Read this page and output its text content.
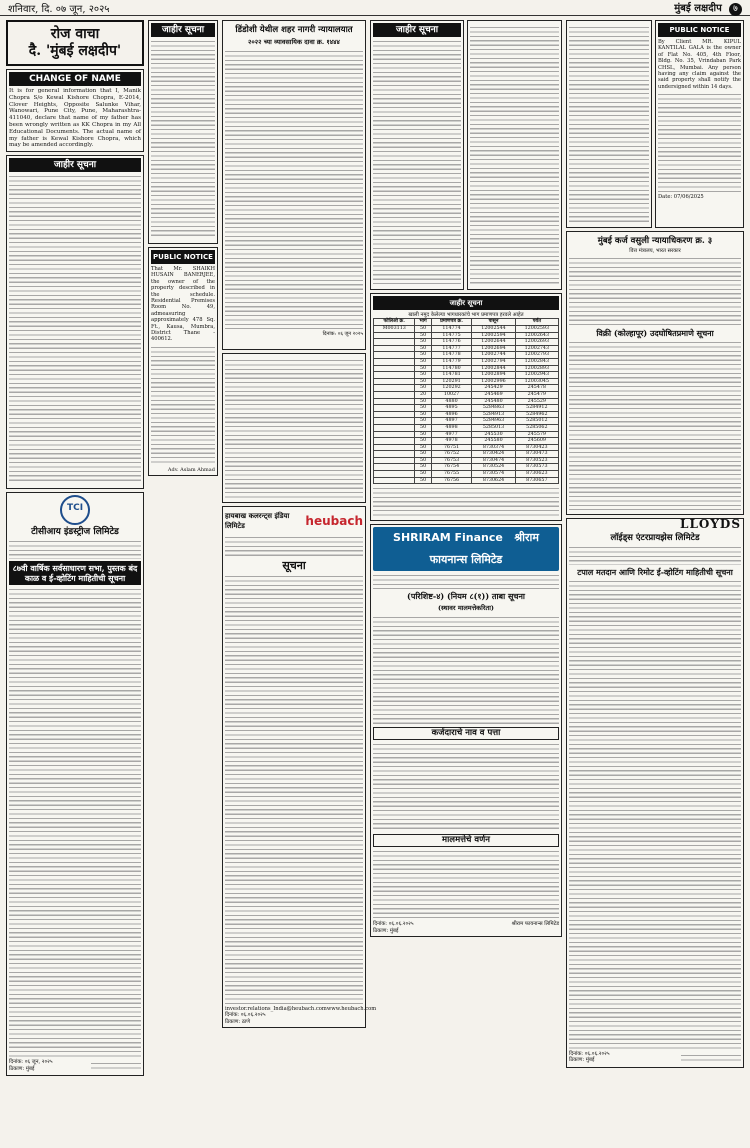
शनिवार, दि. ०७ जून, २०२५	मुंबई लक्षदीप ७
रोज वाचा
दै. 'मुंबई लक्षदीप'
CHANGE OF NAME
It is for general information that I, Manik Chopra S/o Kewal Kishore Chopra, E-2014, Clover Heights, Opposite Salunke Vihar, Wanowari, Pune City, Pune, Maharashtra-411040, declare that name of my father has been wrongly written as KK Chopra in my All Educational Documents. The actual name of my father is Kewal Kishore Chopra, which may be amended accordingly.
जाहीर सूचना
TCI
टीसीआय इंडस्ट्रीज लिमिटेड
८७वी वार्षिक सर्वसाधारण सभा, पुस्तक बंद काळ व ई-व्होटिंग माहितीची सूचना
दिनांक: ०६ जून, २०२५
ठिकाण: मुंबई
जाहीर सूचना
PUBLIC NOTICE
That Mr. SHAIKH HUSAIN BANERJEE, the owner of the property described in the schedule. Residential Premises Room No. 49, admeasuring approximately 478 Sq. Ft., Kausa, Mumbra, District Thane - 400612.
Adv. Aslam Ahmad
डिंडोशी येथील शहर नागरी न्यायालयात
२०२२ च्या व्यावसायिक दावा क्र. १४४४
दिनांक: ०६ जून २०२५
हायबाख कलरन्ट्स इंडिया लिमिटेड	heubach
सूचना
investor.relations_India@heubach.com www.heubach.com
दिनांक: ०६.०६.२०२५
ठिकाण: ठाणे
जाहीर सूचना
जाहीर सूचना
खाली नमूद केलेल्या भागधारकांचे भाग प्रमाणपत्र हरवले आहेत
फोलिओ क्र.	भाग	प्रमाणपत्र क्र.	पासून	पर्यंत
M003113	50	114774	12002544	12002593
	50	114775	12002594	12002643
	50	114776	12002644	12002693
	50	114777	12002694	12002743
	50	114778	12002744	12002793
	50	114779	12002794	12002843
	50	114780	12002844	12002893
	50	114781	12002894	12002943
	50	120291	12002996	12003045
	50	120292	245429	245478
	20	10027	245469	245479
	50	4880	245480	245529
	50	4895	5284863	5284912
	50	4896	5284913	5284962
	50	4897	5284963	5285012
	50	4898	5285013	5285062
	50	4977	245530	245579
	50	4978	245580	245609
	50	76751	8730374	8730423
	50	76752	8730424	8730473
	50	76753	8730474	8730523
	50	76754	8730524	8730573
	50	76755	8730574	8730623
	50	76756	8730624	8730657
SHRIRAM Finance श्रीराम फायनान्स लिमिटेड
(परिशिष्ट-४) (नियम ८(१)) ताबा सूचना
(स्थावर मालमत्तेकरिता)
कर्जदाराचे नाव व पत्ता
मालमत्तेचे वर्णन
दिनांक: ०६.०६.२०२५
ठिकाण: मुंबई
श्रीराम फायनान्स लिमिटेड
PUBLIC NOTICE
By Client MR. KIPUL KANTILAL GALA is the owner of Flat No. 405, 4th Floor, Bldg. No. 35, Vrindaban Park CHSL, Mumbai. Any person having any claim against the said property shall notify the undersigned within 14 days.
Date: 07/06/2025
मुंबई कर्ज वसुली न्यायाधिकरण क्र. ३
वित्त मंत्रालय, भारत सरकार
विक्री (कोल्हापूर) उदघोषितप्रमाणे सूचना
LLOYDS
लॉईड्स एंटरप्रायझेस लिमिटेड
टपाल मतदान आणि रिमोट ई-व्होटिंग माहितीची सूचना
दिनांक: ०६.०६.२०२५
ठिकाण: मुंबई
